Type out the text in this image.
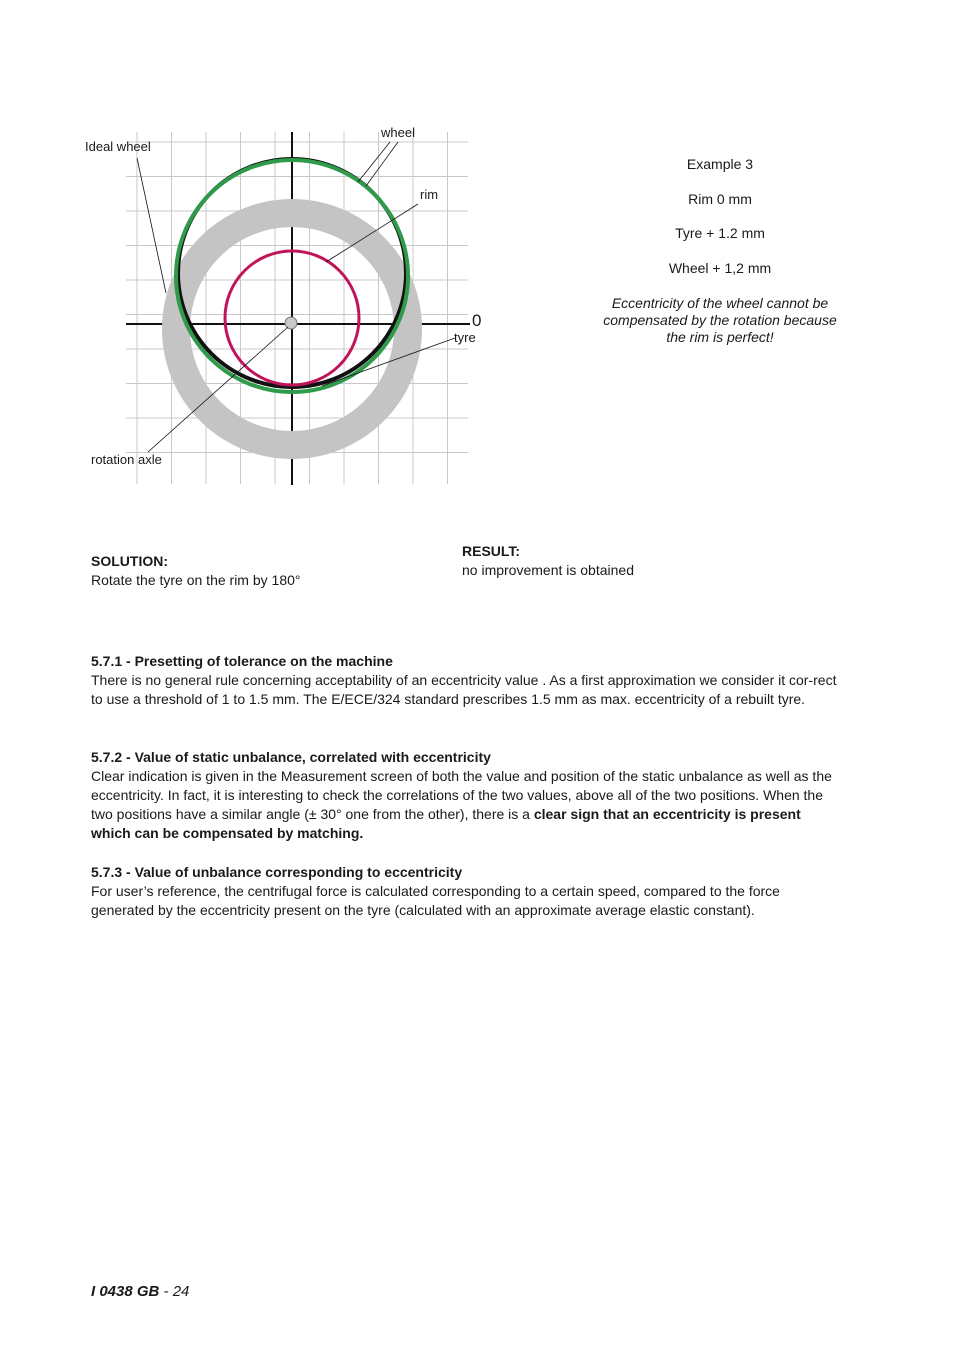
Ideal wheel
wheel
rim
tyre
0
rotation axle
Example 3
Rim 0 mm
Tyre + 1.2 mm
Wheel + 1,2 mm
Eccentricity of the wheel cannot be compensated by the rotation because the rim is perfect!
SOLUTION:
Rotate the tyre on the rim by 180°
RESULT:
no improvement is obtained
5.7.1 - Presetting of tolerance on the machine
There is no general rule concerning acceptability of an eccentricity value . As a first approximation we consider it cor-rect to use a threshold of 1 to 1.5 mm. The E/ECE/324 standard prescribes 1.5 mm as max. eccentricity of a rebuilt tyre.
5.7.2 - Value of static unbalance, correlated with eccentricity
Clear indication is given in the Measurement screen of both the value and position of the static unbalance as well as the eccentricity. In fact, it is interesting to check the correlations of the two values, above all of the two positions. When the two positions have a similar angle (± 30° one from the other), there is a clear sign that an eccentricity is present which can be compensated by matching.
5.7.3 - Value of unbalance corresponding to eccentricity
For user’s reference, the centrifugal force is calculated corresponding to a certain speed, compared to the force generated by the eccentricity present on the tyre (calculated with an approximate average elastic constant).
I 0438 GB - 24
